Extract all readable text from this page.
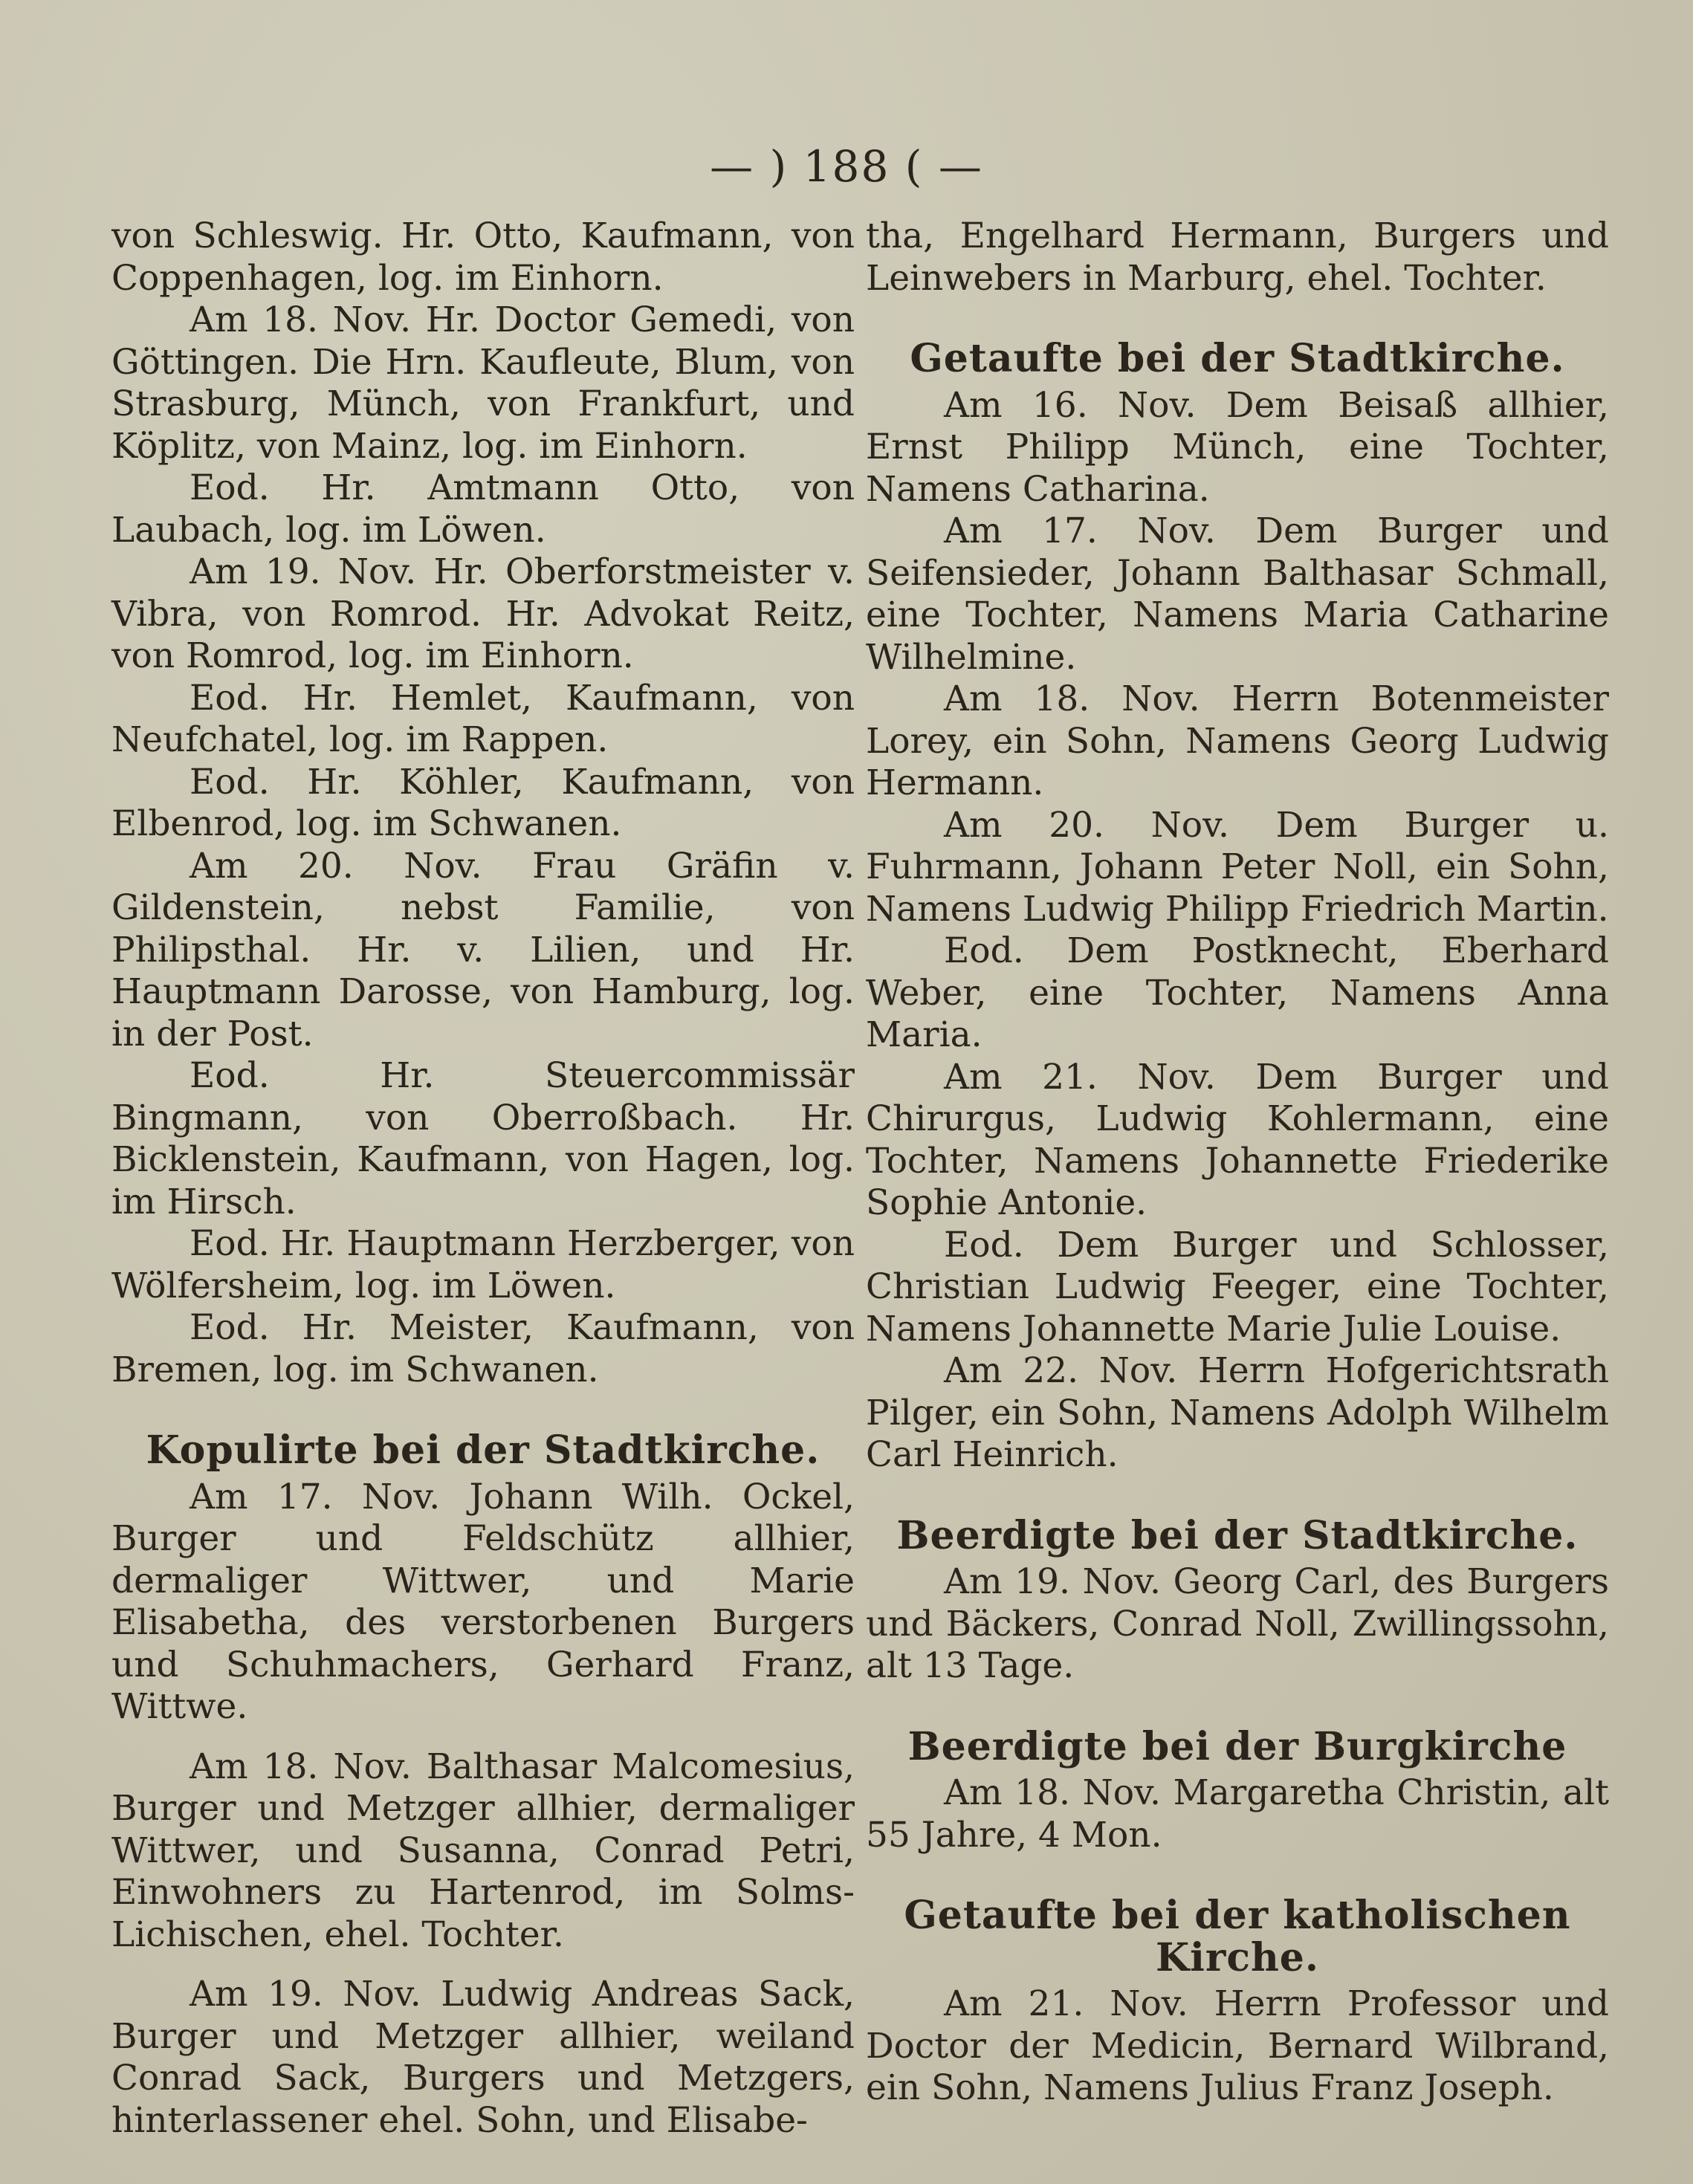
— ) 188 ( —

von Schleswig. Hr. Otto, Kaufmann, von Coppenhagen, log. im Einhorn.

Am 18. Nov. Hr. Doctor Gemedi, von Göttingen. Die Hrn. Kaufleute, Blum, von Strasburg, Münch, von Frankfurt, und Köplitz, von Mainz, log. im Einhorn.

Eod. Hr. Amtmann Otto, von Laubach, log. im Löwen.

Am 19. Nov. Hr. Oberforstmeister v. Vibra, von Romrod. Hr. Advokat Reitz, von Romrod, log. im Einhorn.

Eod. Hr. Hemlet, Kaufmann, von Neufchatel, log. im Rappen.

Eod. Hr. Köhler, Kaufmann, von Elbenrod, log. im Schwanen.

Am 20. Nov. Frau Gräfin v. Gildenstein, nebst Familie, von Philipsthal. Hr. v. Lilien, und Hr. Hauptmann Darosse, von Hamburg, log. in der Post.

Eod. Hr. Steuercommissär Bingmann, von Oberroßbach. Hr. Bicklenstein, Kaufmann, von Hagen, log. im Hirsch.

Eod. Hr. Hauptmann Herzberger, von Wölfersheim, log. im Löwen.

Eod. Hr. Meister, Kaufmann, von Bremen, log. im Schwanen.

Kopulirte bei der Stadtkirche.

Am 17. Nov. Johann Wilh. Ockel, Burger und Feldschütz allhier, dermaliger Wittwer, und Marie Elisabetha, des verstorbenen Burgers und Schuhmachers, Gerhard Franz, Wittwe.

Am 18. Nov. Balthasar Malcomesius, Burger und Metzger allhier, dermaliger Wittwer, und Susanna, Conrad Petri, Einwohners zu Hartenrod, im Solms-Lichischen, ehel. Tochter.

Am 19. Nov. Ludwig Andreas Sack, Burger und Metzger allhier, weiland Conrad Sack, Burgers und Metzgers, hinterlassener ehel. Sohn, und Elisabe-

tha, Engelhard Hermann, Burgers und Leinwebers in Marburg, ehel. Tochter.

Getaufte bei der Stadtkirche.

Am 16. Nov. Dem Beisaß allhier, Ernst Philipp Münch, eine Tochter, Namens Catharina.

Am 17. Nov. Dem Burger und Seifensieder, Johann Balthasar Schmall, eine Tochter, Namens Maria Catharine Wilhelmine.

Am 18. Nov. Herrn Botenmeister Lorey, ein Sohn, Namens Georg Ludwig Hermann.

Am 20. Nov. Dem Burger u. Fuhrmann, Johann Peter Noll, ein Sohn, Namens Ludwig Philipp Friedrich Martin.

Eod. Dem Postknecht, Eberhard Weber, eine Tochter, Namens Anna Maria.

Am 21. Nov. Dem Burger und Chirurgus, Ludwig Kohlermann, eine Tochter, Namens Johannette Friederike Sophie Antonie.

Eod. Dem Burger und Schlosser, Christian Ludwig Feeger, eine Tochter, Namens Johannette Marie Julie Louise.

Am 22. Nov. Herrn Hofgerichtsrath Pilger, ein Sohn, Namens Adolph Wilhelm Carl Heinrich.

Beerdigte bei der Stadtkirche.

Am 19. Nov. Georg Carl, des Burgers und Bäckers, Conrad Noll, Zwillingssohn, alt 13 Tage.

Beerdigte bei der Burgkirche

Am 18. Nov. Margaretha Christin, alt 55 Jahre, 4 Mon.

Getaufte bei der katholischen Kirche.

Am 21. Nov. Herrn Professor und Doctor der Medicin, Bernard Wilbrand, ein Sohn, Namens Julius Franz Joseph.
